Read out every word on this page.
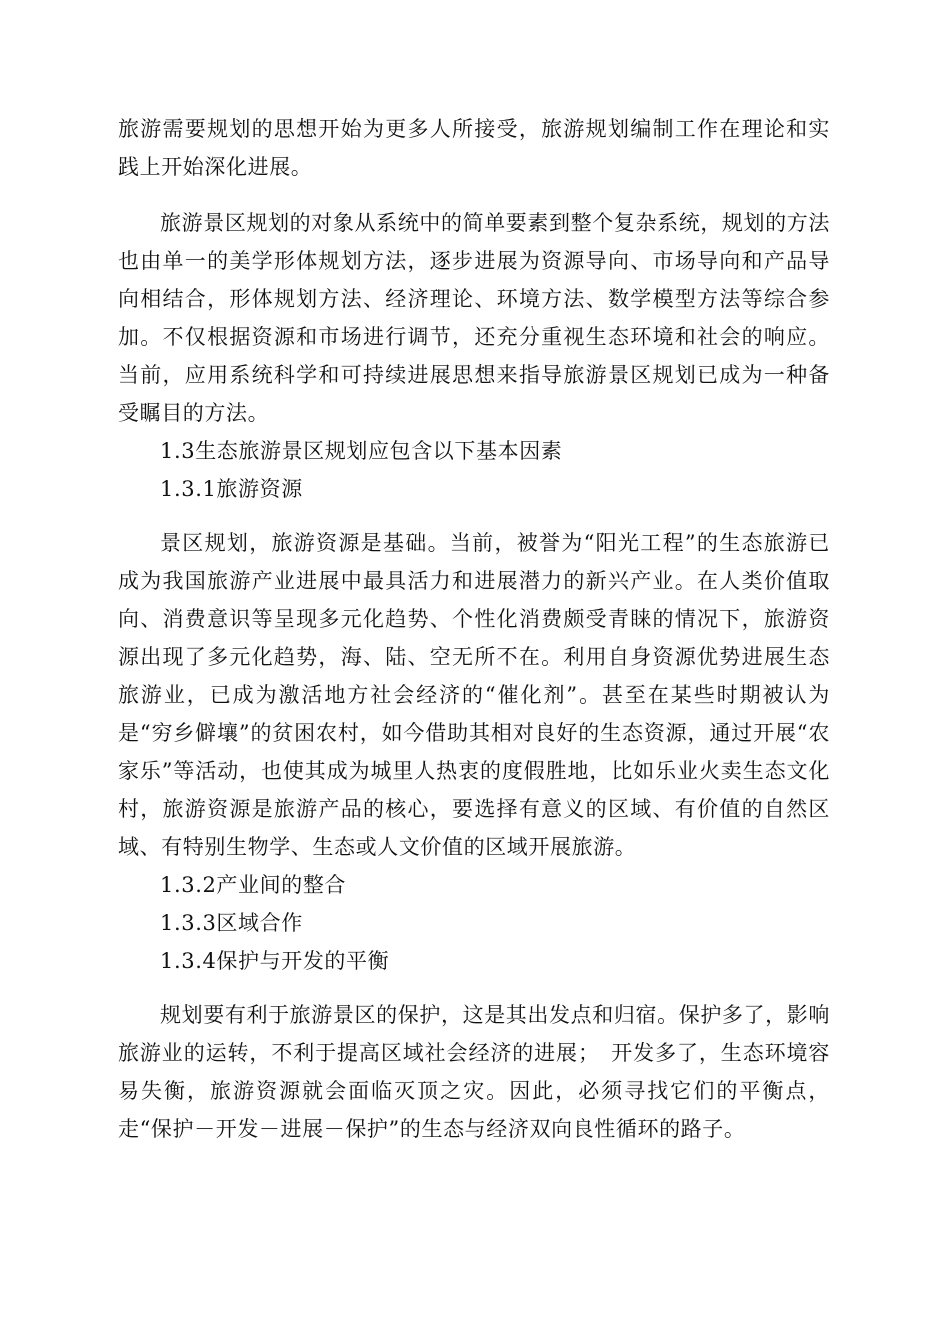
旅游需要规划的思想开始为更多人所接受，旅游规划编制工作在理论和实践上开始深化进展。

旅游景区规划的对象从系统中的简单要素到整个复杂系统，规划的方法也由单一的美学形体规划方法，逐步进展为资源导向、市场导向和产品导向相结合，形体规划方法、经济理论、环境方法、数学模型方法等综合参加。不仅根据资源和市场进行调节，还充分重视生态环境和社会的响应。当前，应用系统科学和可持续进展思想来指导旅游景区规划已成为一种备受瞩目的方法。

1.3生态旅游景区规划应包含以下基本因素

1.3.1旅游资源

景区规划，旅游资源是基础。当前，被誉为“阳光工程”的生态旅游已成为我国旅游产业进展中最具活力和进展潜力的新兴产业。在人类价值取向、消费意识等呈现多元化趋势、个性化消费颇受青睐的情况下，旅游资源出现了多元化趋势，海、陆、空无所不在。利用自身资源优势进展生态旅游业，已成为激活地方社会经济的“催化剂”。甚至在某些时期被认为是“穷乡僻壤”的贫困农村，如今借助其相对良好的生态资源，通过开展“农家乐”等活动，也使其成为城里人热衷的度假胜地，比如乐业火卖生态文化村，旅游资源是旅游产品的核心，要选择有意义的区域、有价值的自然区域、有特别生物学、生态或人文价值的区域开展旅游。

1.3.2产业间的整合

1.3.3区域合作

1.3.4保护与开发的平衡

规划要有利于旅游景区的保护，这是其出发点和归宿。保护多了，影响旅游业的运转，不利于提高区域社会经济的进展；　开发多了，生态环境容易失衡，旅游资源就会面临灭顶之灾。因此，必须寻找它们的平衡点，走“保护－开发－进展－保护”的生态与经济双向良性循环的路子。
